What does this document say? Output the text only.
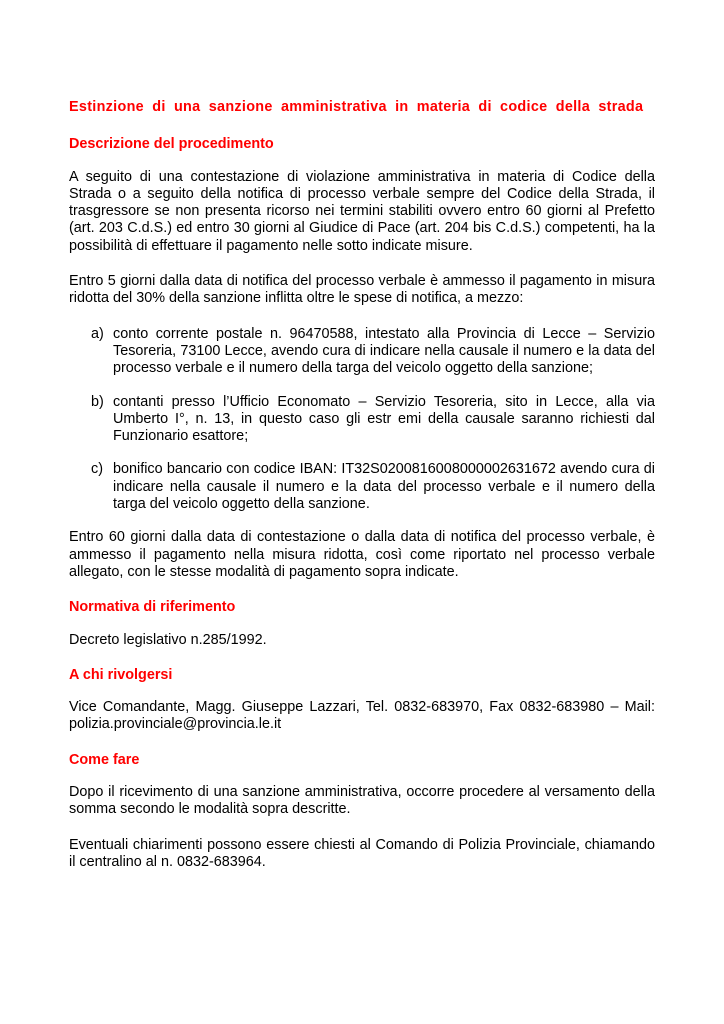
Estinzione di una sanzione amministrativa in materia di codice della strada
Descrizione del procedimento

A seguito di una contestazione di violazione amministrativa in materia di Codice della Strada o a seguito della notifica di processo verbale sempre del Codice della Strada, il trasgressore se non presenta ricorso nei termini stabiliti ovvero entro 60 giorni al Prefetto (art. 203 C.d.S.) ed entro 30 giorni al Giudice di Pace (art. 204 bis C.d.S.) competenti, ha la possibilità di effettuare il pagamento nelle sotto indicate misure.

Entro 5 giorni dalla data di notifica del processo verbale è ammesso il pagamento in misura ridotta del 30% della sanzione inflitta oltre le spese di notifica, a mezzo:

a) conto corrente postale n. 96470588, intestato alla Provincia di Lecce – Servizio Tesoreria, 73100 Lecce, avendo cura di indicare nella causale il numero e la data del processo verbale e il numero della targa del veicolo oggetto della sanzione;
b) contanti presso l’Ufficio Economato – Servizio Tesoreria, sito in Lecce, alla via Umberto I°, n. 13, in questo caso gli estr emi della causale saranno richiesti dal Funzionario esattore;
c) bonifico bancario con codice IBAN: IT32S0200816008000002631672 avendo cura di indicare nella causale il numero e la data del processo verbale e il numero della targa del veicolo oggetto della sanzione.

Entro 60 giorni dalla data di contestazione o dalla data di notifica del processo verbale, è ammesso il pagamento nella misura ridotta, così come riportato nel processo verbale allegato, con le stesse modalità di pagamento sopra indicate.

Normativa di riferimento

Decreto legislativo n.285/1992.

A chi rivolgersi

Vice Comandante, Magg. Giuseppe Lazzari, Tel. 0832-683970, Fax 0832-683980 – Mail: polizia.provinciale@provincia.le.it

Come fare

Dopo il ricevimento di una sanzione amministrativa, occorre procedere al versamento della somma secondo le modalità sopra descritte.

Eventuali chiarimenti possono essere chiesti al Comando di Polizia Provinciale, chiamando il centralino al n. 0832-683964.
